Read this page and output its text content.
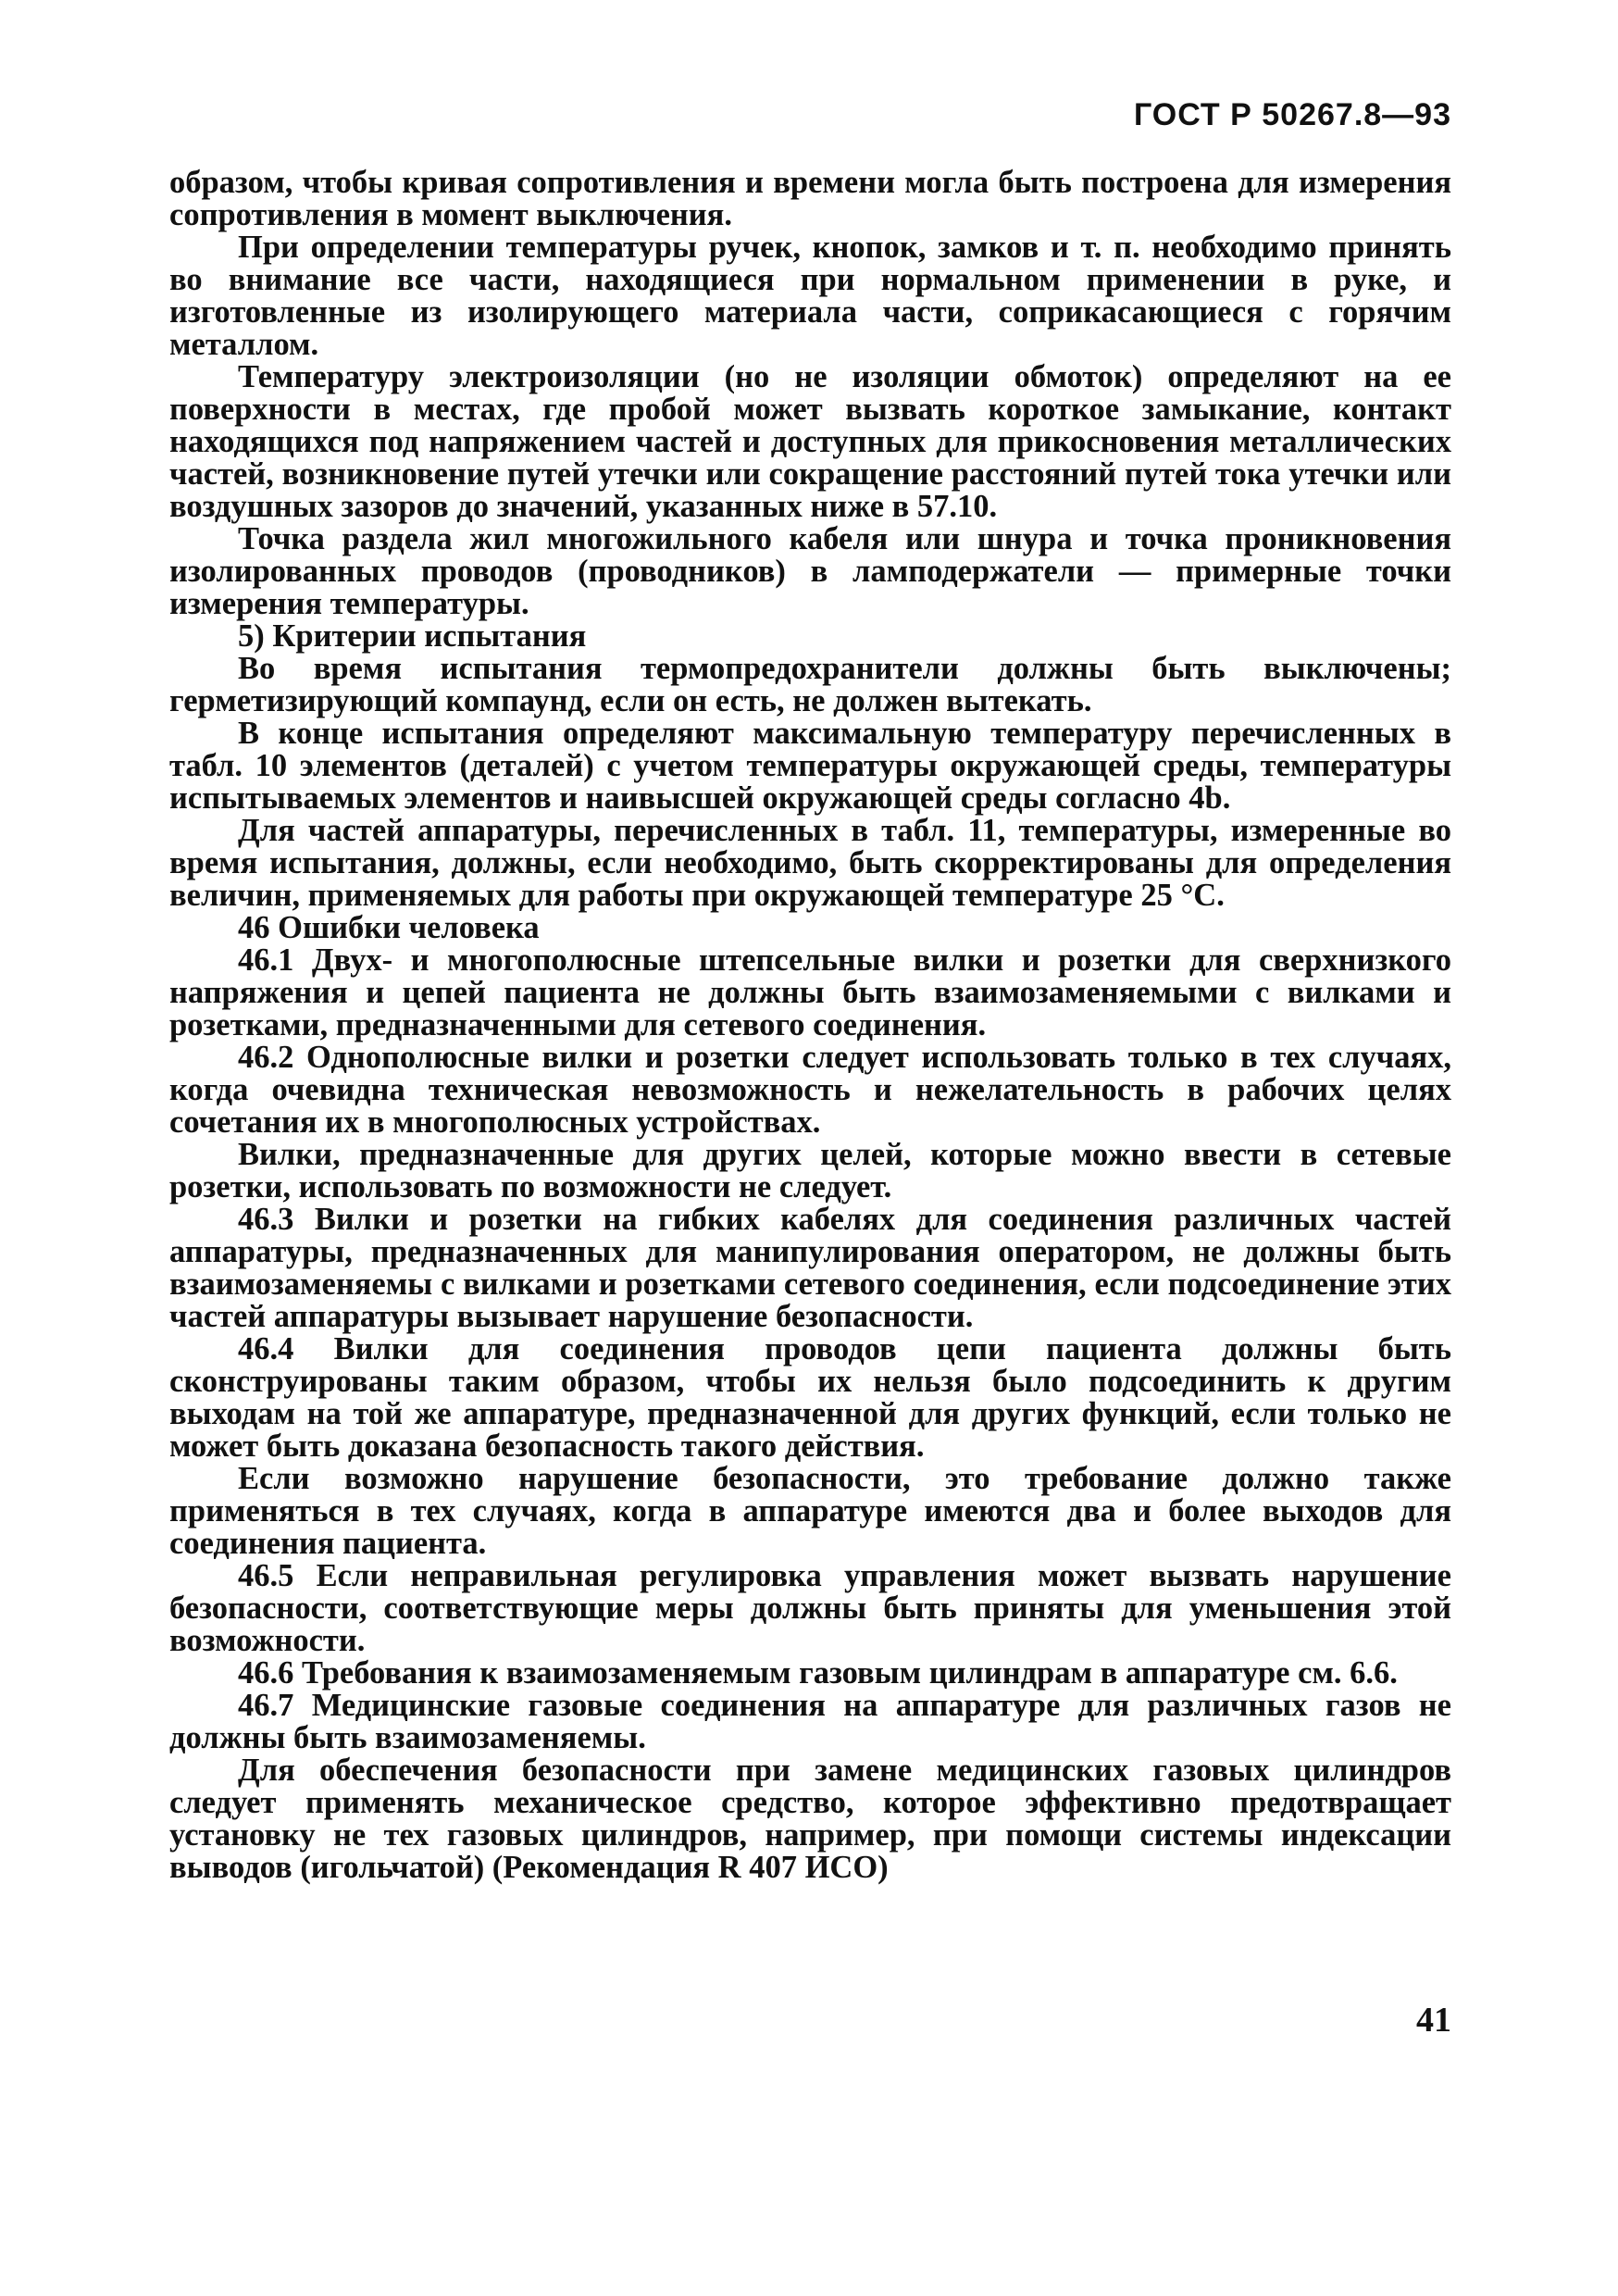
ГОСТ Р 50267.8—93

образом, чтобы кривая сопротивления и времени могла быть построена для измерения сопротивления в момент выключения.

При определении температуры ручек, кнопок, замков и т. п. необходимо принять во внимание все части, находящиеся при нормальном применении в руке, и изготовленные из изолирующего материала части, соприкасающиеся с горячим металлом.

Температуру электроизоляции (но не изоляции обмоток) определяют на ее поверхности в местах, где пробой может вызвать короткое замыкание, контакт находящихся под напряжением частей и доступных для прикосновения металлических частей, возникновение путей утечки или сокращение расстояний путей тока утечки или воздушных зазоров до значений, указанных ниже в 57.10.

Точка раздела жил многожильного кабеля или шнура и точка проникновения изолированных проводов (проводников) в ламподержатели — примерные точки измерения температуры.

5) Критерии испытания

Во время испытания термопредохранители должны быть выключены; герметизирующий компаунд, если он есть, не должен вытекать.

В конце испытания определяют максимальную температуру перечисленных в табл. 10 элементов (деталей) с учетом температуры окружающей среды, температуры испытываемых элементов и наивысшей окружающей среды согласно 4b.

Для частей аппаратуры, перечисленных в табл. 11, температуры, измеренные во время испытания, должны, если необходимо, быть скорректированы для определения величин, применяемых для работы при окружающей температуре 25 °С.

46 Ошибки человека

46.1 Двух- и многополюсные штепсельные вилки и розетки для сверхнизкого напряжения и цепей пациента не должны быть взаимозаменяемыми с вилками и розетками, предназначенными для сетевого соединения.

46.2 Однополюсные вилки и розетки следует использовать только в тех случаях, когда очевидна техническая невозможность и нежелательность в рабочих целях сочетания их в многополюсных устройствах.

Вилки, предназначенные для других целей, которые можно ввести в сетевые розетки, использовать по возможности не следует.

46.3 Вилки и розетки на гибких кабелях для соединения различных частей аппаратуры, предназначенных для манипулирования оператором, не должны быть взаимозаменяемы с вилками и розетками сетевого соединения, если подсоединение этих частей аппаратуры вызывает нарушение безопасности.

46.4 Вилки для соединения проводов цепи пациента должны быть сконструированы таким образом, чтобы их нельзя было подсоединить к другим выходам на той же аппаратуре, предназначенной для других функций, если только не может быть доказана безопасность такого действия.

Если возможно нарушение безопасности, это требование должно также применяться в тех случаях, когда в аппаратуре имеются два и более выходов для соединения пациента.

46.5 Если неправильная регулировка управления может вызвать нарушение безопасности, соответствующие меры должны быть приняты для уменьшения этой возможности.

46.6 Требования к взаимозаменяемым газовым цилиндрам в аппаратуре см. 6.6.

46.7 Медицинские газовые соединения на аппаратуре для различных газов не должны быть взаимозаменяемы.

Для обеспечения безопасности при замене медицинских газовых цилиндров следует применять механическое средство, которое эффективно предотвращает установку не тех газовых цилиндров, например, при помощи системы индексации выводов (игольчатой) (Рекомендация R 407 ИСО)

41
